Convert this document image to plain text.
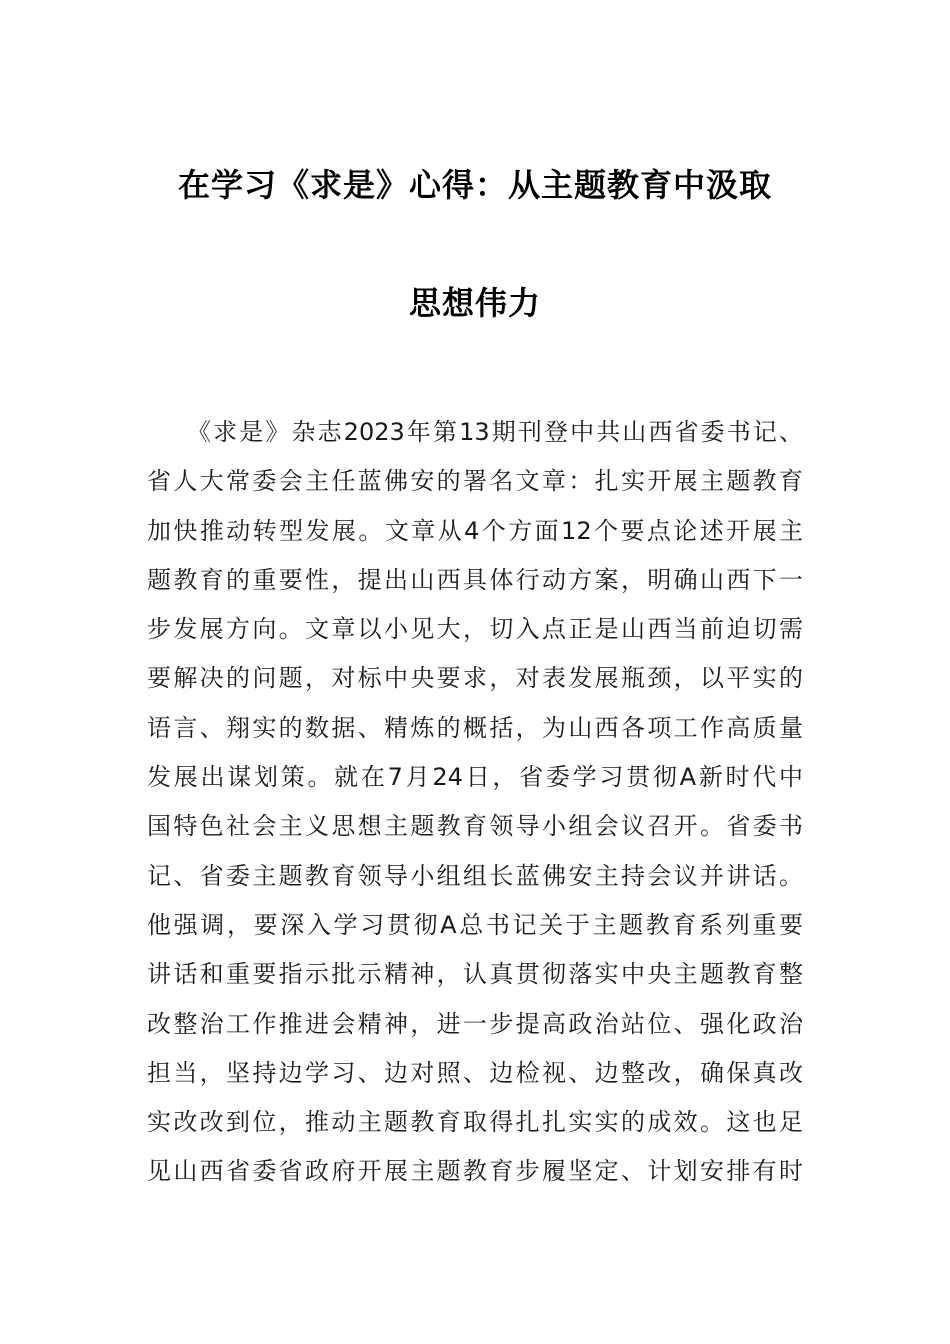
在学习《求是》心得：从主题教育中汲取
思想伟力
《求是》杂志2023年第13期刊登中共山西省委书记、
省人大常委会主任蓝佛安的署名文章：扎实开展主题教育
加快推动转型发展。文章从4个方面12个要点论述开展主
题教育的重要性，提出山西具体行动方案，明确山西下一
步发展方向。文章以小见大，切入点正是山西当前迫切需
要解决的问题，对标中央要求，对表发展瓶颈，以平实的
语言、翔实的数据、精炼的概括，为山西各项工作高质量
发展出谋划策。就在7月24日，省委学习贯彻A新时代中
国特色社会主义思想主题教育领导小组会议召开。省委书
记、省委主题教育领导小组组长蓝佛安主持会议并讲话。
他强调，要深入学习贯彻A总书记关于主题教育系列重要
讲话和重要指示批示精神，认真贯彻落实中央主题教育整
改整治工作推进会精神，进一步提高政治站位、强化政治
担当，坚持边学习、边对照、边检视、边整改，确保真改
实改改到位，推动主题教育取得扎扎实实的成效。这也足
见山西省委省政府开展主题教育步履坚定、计划安排有时
